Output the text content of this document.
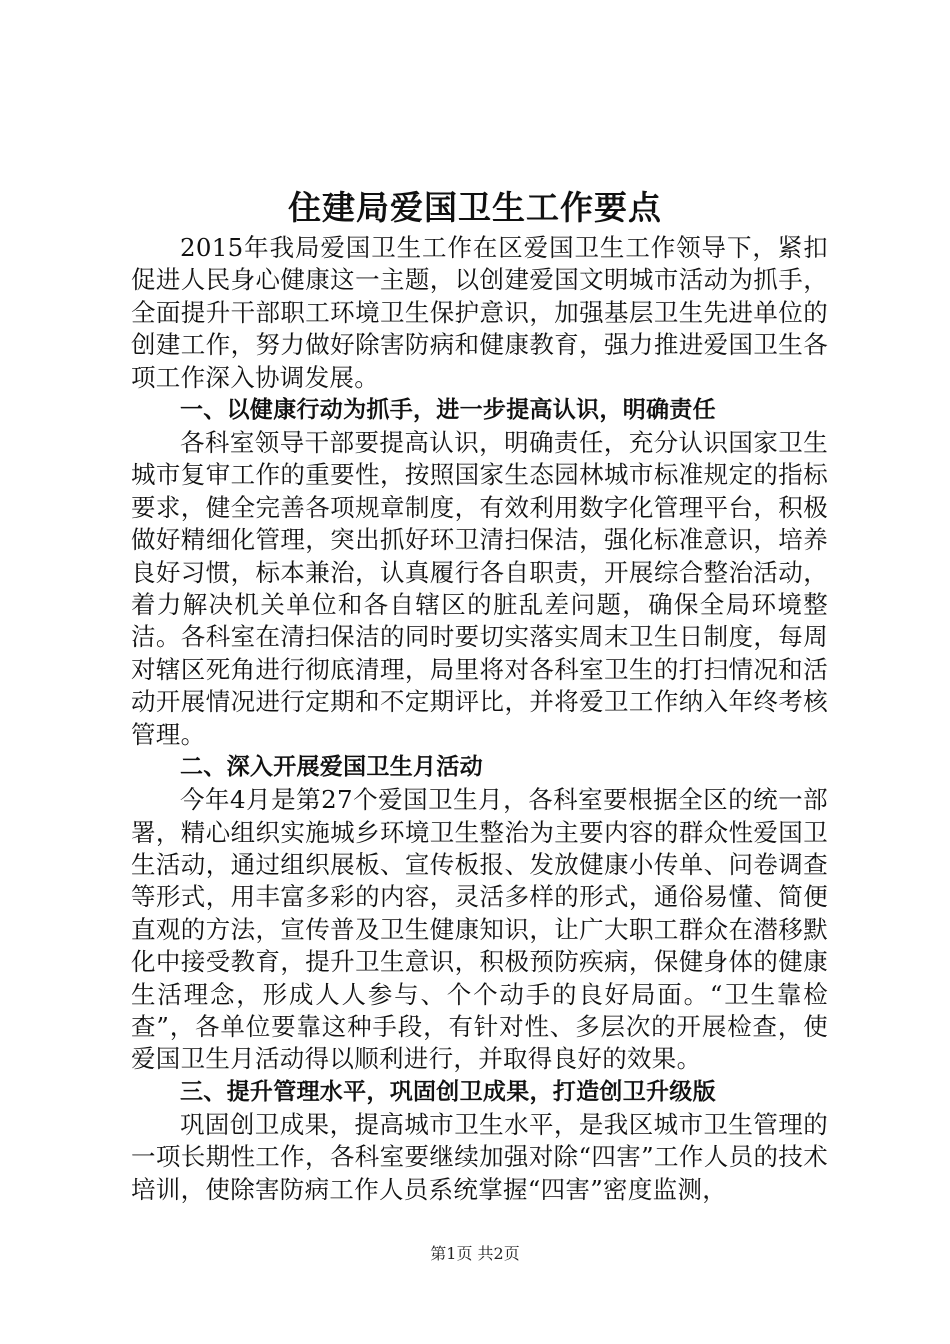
住建局爱国卫生工作要点

2015年我局爱国卫生工作在区爱国卫生工作领导下，紧扣促进人民身心健康这一主题，以创建爱国文明城市活动为抓手，全面提升干部职工环境卫生保护意识，加强基层卫生先进单位的创建工作，努力做好除害防病和健康教育，强力推进爱国卫生各项工作深入协调发展。

一、以健康行动为抓手，进一步提高认识，明确责任

各科室领导干部要提高认识，明确责任，充分认识国家卫生城市复审工作的重要性，按照国家生态园林城市标准规定的指标要求，健全完善各项规章制度，有效利用数字化管理平台，积极做好精细化管理，突出抓好环卫清扫保洁，强化标准意识，培养良好习惯，标本兼治，认真履行各自职责，开展综合整治活动，着力解决机关单位和各自辖区的脏乱差问题，确保全局环境整洁。各科室在清扫保洁的同时要切实落实周末卫生日制度，每周对辖区死角进行彻底清理，局里将对各科室卫生的打扫情况和活动开展情况进行定期和不定期评比，并将爱卫工作纳入年终考核管理。

二、深入开展爱国卫生月活动

今年4月是第27个爱国卫生月，各科室要根据全区的统一部署，精心组织实施城乡环境卫生整治为主要内容的群众性爱国卫生活动，通过组织展板、宣传板报、发放健康小传单、问卷调查等形式，用丰富多彩的内容，灵活多样的形式，通俗易懂、简便直观的方法，宣传普及卫生健康知识，让广大职工群众在潜移默化中接受教育，提升卫生意识，积极预防疾病，保健身体的健康生活理念，形成人人参与、个个动手的良好局面。“卫生靠检查”，各单位要靠这种手段，有针对性、多层次的开展检查，使爱国卫生月活动得以顺利进行，并取得良好的效果。

三、提升管理水平，巩固创卫成果，打造创卫升级版

巩固创卫成果，提高城市卫生水平，是我区城市卫生管理的一项长期性工作，各科室要继续加强对除“四害”工作人员的技术培训，使除害防病工作人员系统掌握“四害”密度监测，

第1页 共2页
